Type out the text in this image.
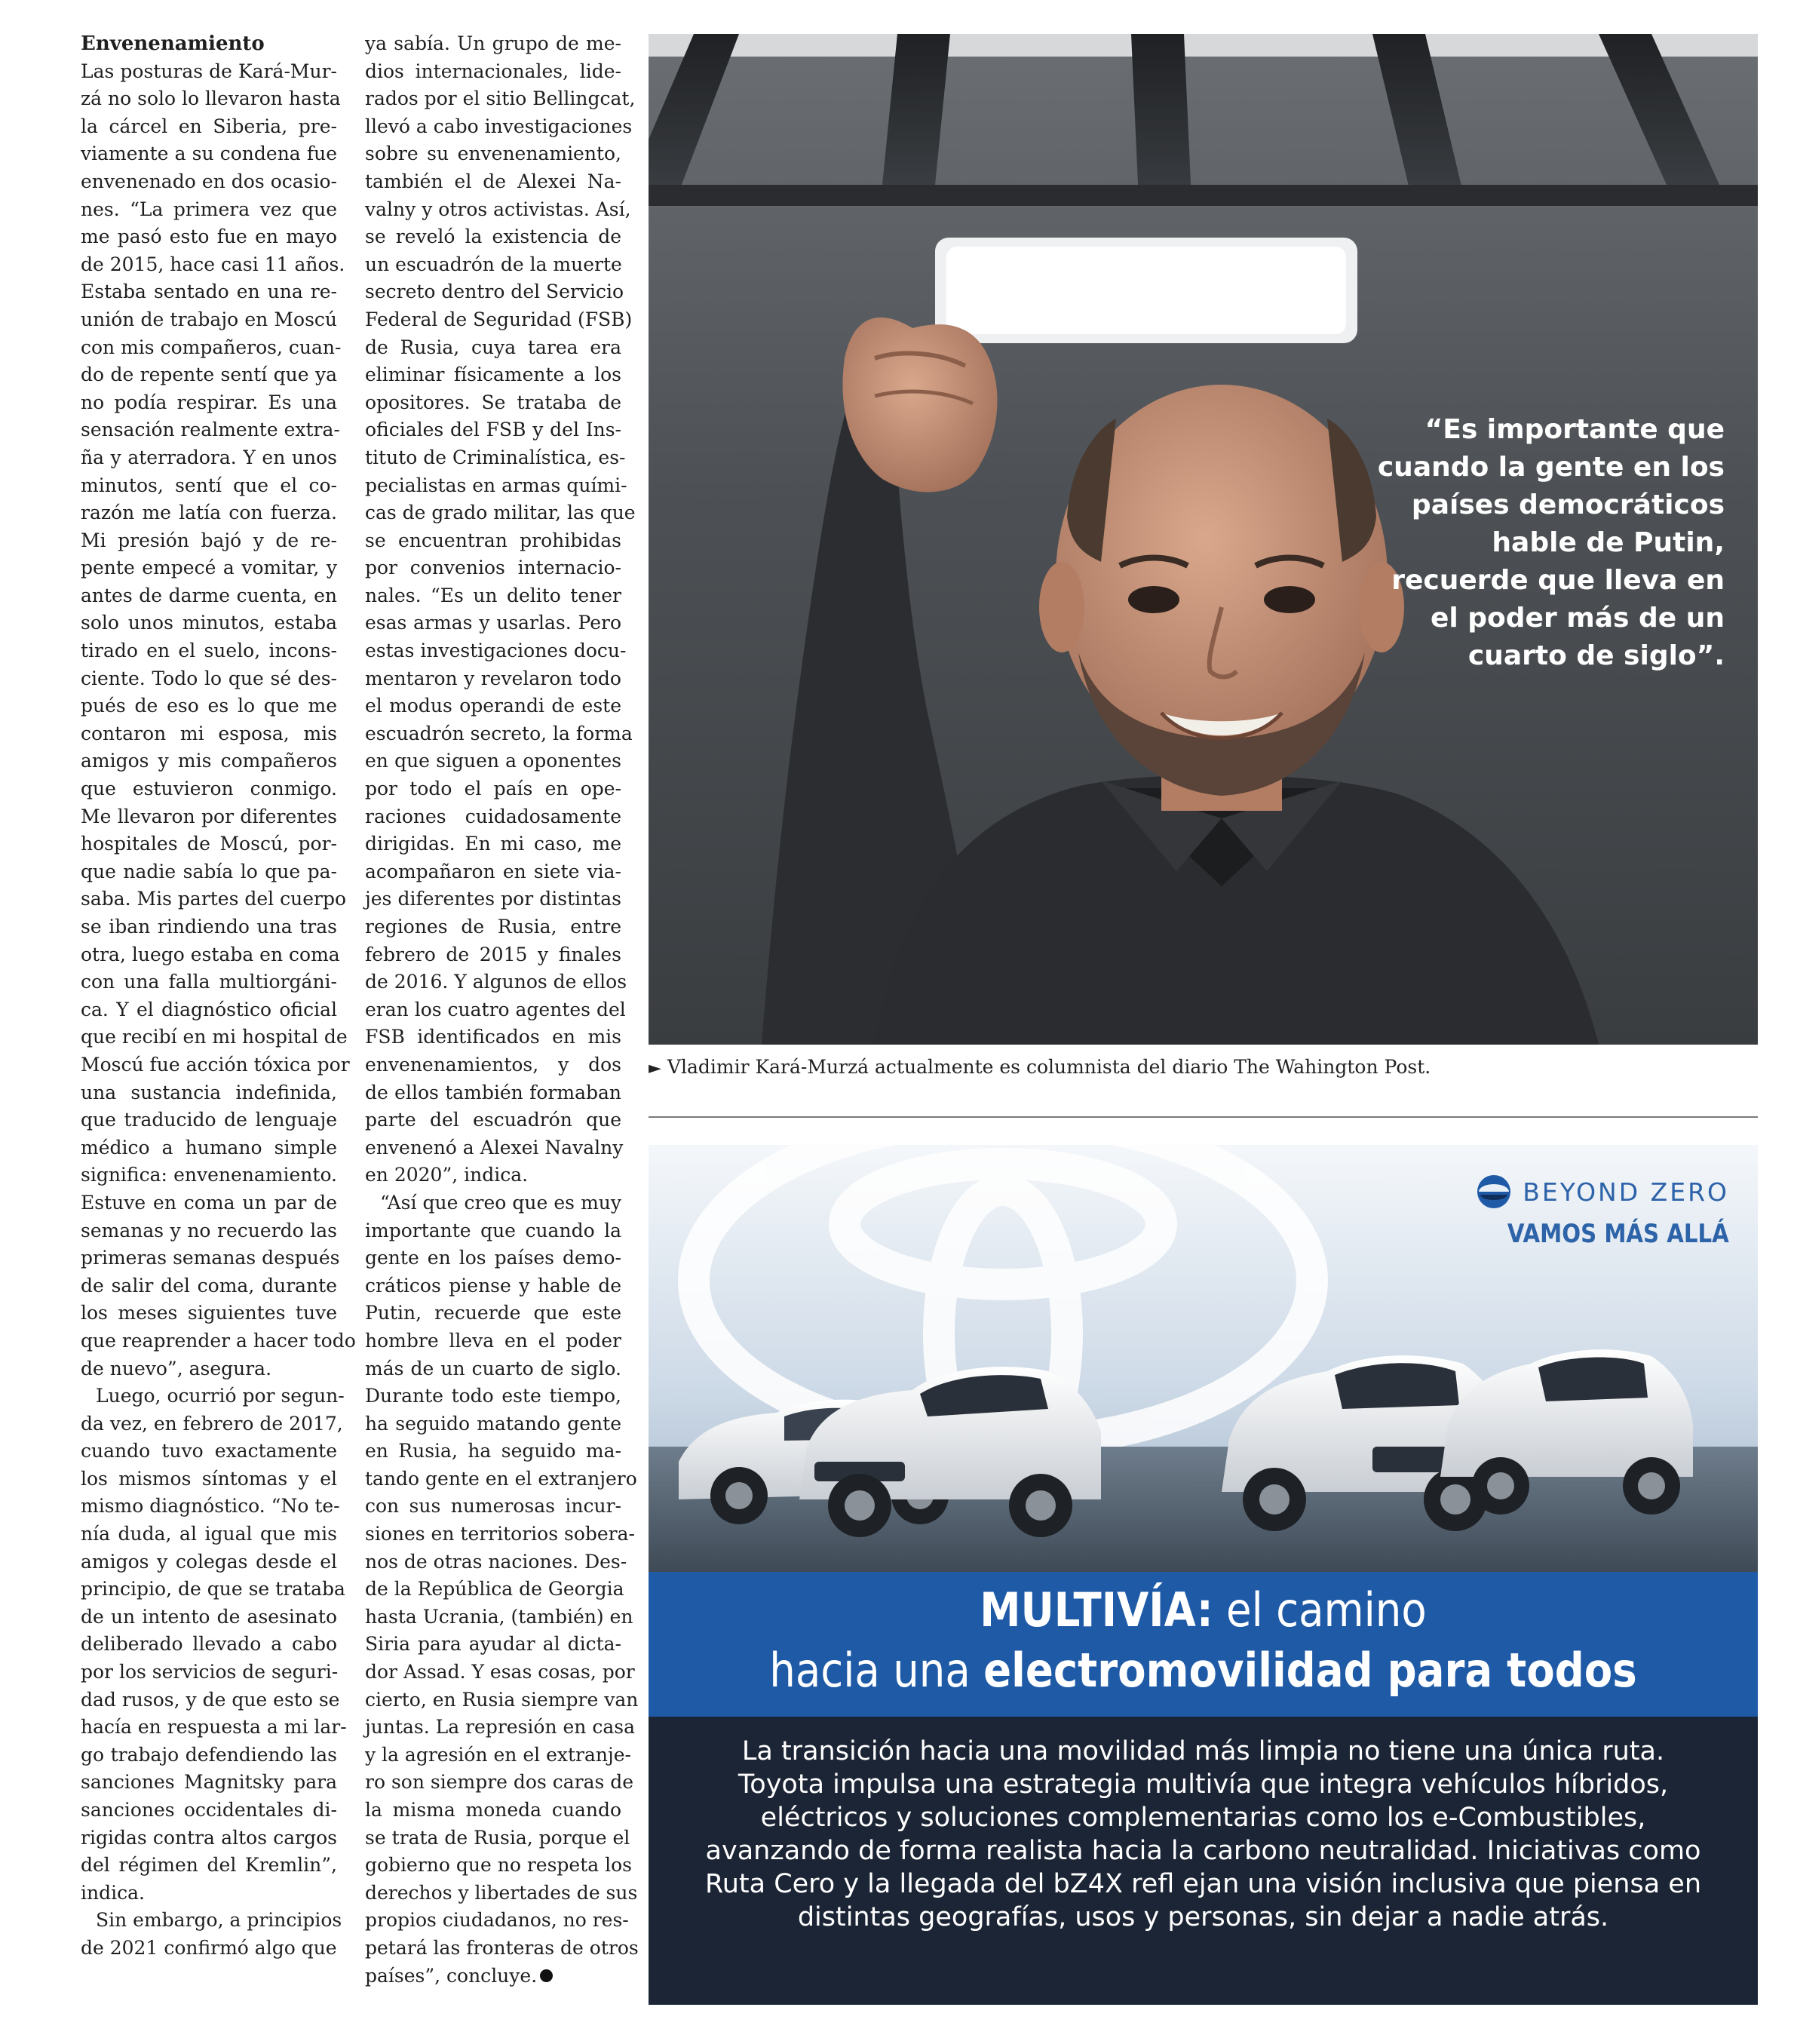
Envenenamiento
Las posturas de Kará-Mur-
zá no solo lo llevaron hasta
la cárcel en Siberia, pre-
viamente a su condena fue
envenenado en dos ocasio-
nes. “La primera vez que
me pasó esto fue en mayo
de 2015, hace casi 11 años.
Estaba sentado en una re-
unión de trabajo en Moscú
con mis compañeros, cuan-
do de repente sentí que ya
no podía respirar. Es una
sensación realmente extra-
ña y aterradora. Y en unos
minutos, sentí que el co-
razón me latía con fuerza.
Mi presión bajó y de re-
pente empecé a vomitar, y
antes de darme cuenta, en
solo unos minutos, estaba
tirado en el suelo, incons-
ciente. Todo lo que sé des-
pués de eso es lo que me
contaron mi esposa, mis
amigos y mis compañeros
que estuvieron conmigo.
Me llevaron por diferentes
hospitales de Moscú, por-
que nadie sabía lo que pa-
saba. Mis partes del cuerpo
se iban rindiendo una tras
otra, luego estaba en coma
con una falla multiorgáni-
ca. Y el diagnóstico oficial
que recibí en mi hospital de
Moscú fue acción tóxica por
una sustancia indefinida,
que traducido de lenguaje
médico a humano simple
significa: envenenamiento.
Estuve en coma un par de
semanas y no recuerdo las
primeras semanas después
de salir del coma, durante
los meses siguientes tuve
que reaprender a hacer todo
de nuevo”, asegura.
Luego, ocurrió por segun-
da vez, en febrero de 2017,
cuando tuvo exactamente
los mismos síntomas y el
mismo diagnóstico. “No te-
nía duda, al igual que mis
amigos y colegas desde el
principio, de que se trataba
de un intento de asesinato
deliberado llevado a cabo
por los servicios de seguri-
dad rusos, y de que esto se
hacía en respuesta a mi lar-
go trabajo defendiendo las
sanciones Magnitsky para
sanciones occidentales di-
rigidas contra altos cargos
del régimen del Kremlin”,
indica.
Sin embargo, a principios
de 2021 confirmó algo que
ya sabía. Un grupo de me-
dios internacionales, lide-
rados por el sitio Bellingcat,
llevó a cabo investigaciones
sobre su envenenamiento,
también el de Alexei Na-
valny y otros activistas. Así,
se reveló la existencia de
un escuadrón de la muerte
secreto dentro del Servicio
Federal de Seguridad (FSB)
de Rusia, cuya tarea era
eliminar físicamente a los
opositores. Se trataba de
oficiales del FSB y del Ins-
tituto de Criminalística, es-
pecialistas en armas quími-
cas de grado militar, las que
se encuentran prohibidas
por convenios internacio-
nales. “Es un delito tener
esas armas y usarlas. Pero
estas investigaciones docu-
mentaron y revelaron todo
el modus operandi de este
escuadrón secreto, la forma
en que siguen a oponentes
por todo el país en ope-
raciones cuidadosamente
dirigidas. En mi caso, me
acompañaron en siete via-
jes diferentes por distintas
regiones de Rusia, entre
febrero de 2015 y finales
de 2016. Y algunos de ellos
eran los cuatro agentes del
FSB identificados en mis
envenenamientos, y dos
de ellos también formaban
parte del escuadrón que
envenenó a Alexei Navalny
en 2020”, indica.
“Así que creo que es muy
importante que cuando la
gente en los países demo-
cráticos piense y hable de
Putin, recuerde que este
hombre lleva en el poder
más de un cuarto de siglo.
Durante todo este tiempo,
ha seguido matando gente
en Rusia, ha seguido ma-
tando gente en el extranjero
con sus numerosas incur-
siones en territorios sobera-
nos de otras naciones. Des-
de la República de Georgia
hasta Ucrania, (también) en
Siria para ayudar al dicta-
dor Assad. Y esas cosas, por
cierto, en Rusia siempre van
juntas. La represión en casa
y la agresión en el extranje-
ro son siempre dos caras de
la misma moneda cuando
se trata de Rusia, porque el
gobierno que no respeta los
derechos y libertades de sus
propios ciudadanos, no res-
petará las fronteras de otros
países”, concluye.
“Es importante que
cuando la gente en los
países democráticos
hable de Putin,
recuerde que lleva en
el poder más de un
cuarto de siglo”.
► Vladimir Kará-Murzá actualmente es columnista del diario The Wahington Post.
BEYOND ZERO
VAMOS MÁS ALLÁ
MULTIVÍA: el camino
hacia una electromovilidad para todos
La transición hacia una movilidad más limpia no tiene una única ruta.
Toyota impulsa una estrategia multivía que integra vehículos híbridos,
eléctricos y soluciones complementarias como los e-Combustibles,
avanzando de forma realista hacia la carbono neutralidad. Iniciativas como
Ruta Cero y la llegada del bZ4X refl ejan una visión inclusiva que piensa en
distintas geografías, usos y personas, sin dejar a nadie atrás.
